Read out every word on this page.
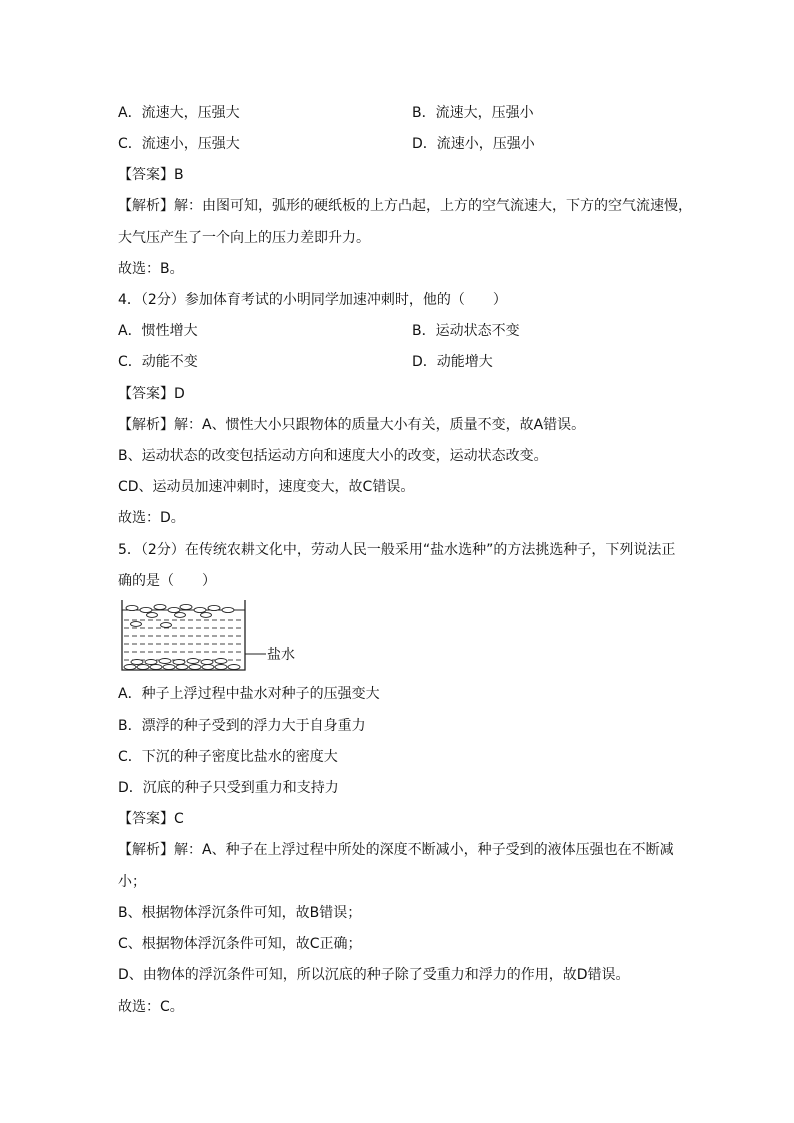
A．流速大，压强大	B．流速大，压强小
C．流速小，压强大	D．流速小，压强小
【答案】B
【解析】解：由图可知，弧形的硬纸板的上方凸起，上方的空气流速大，下方的空气流速慢，
大气压产生了一个向上的压力差即升力。
故选：B。
4．（2分）参加体育考试的小明同学加速冲刺时，他的（　　）
A．惯性增大	B．运动状态不变
C．动能不变	D．动能增大
【答案】D
【解析】解：A、惯性大小只跟物体的质量大小有关，质量不变，故A错误。
B、运动状态的改变包括运动方向和速度大小的改变，运动状态改变。
CD、运动员加速冲刺时，速度变大，故C错误。
故选：D。
5．（2分）在传统农耕文化中，劳动人民一般采用“盐水选种”的方法挑选种子，下列说法正
确的是（　　）
盐水
A．种子上浮过程中盐水对种子的压强变大
B．漂浮的种子受到的浮力大于自身重力
C．下沉的种子密度比盐水的密度大
D．沉底的种子只受到重力和支持力
【答案】C
【解析】解：A、种子在上浮过程中所处的深度不断减小，种子受到的液体压强也在不断减
小；
B、根据物体浮沉条件可知，故B错误；
C、根据物体浮沉条件可知，故C正确；
D、由物体的浮沉条件可知，所以沉底的种子除了受重力和浮力的作用，故D错误。
故选：C。
